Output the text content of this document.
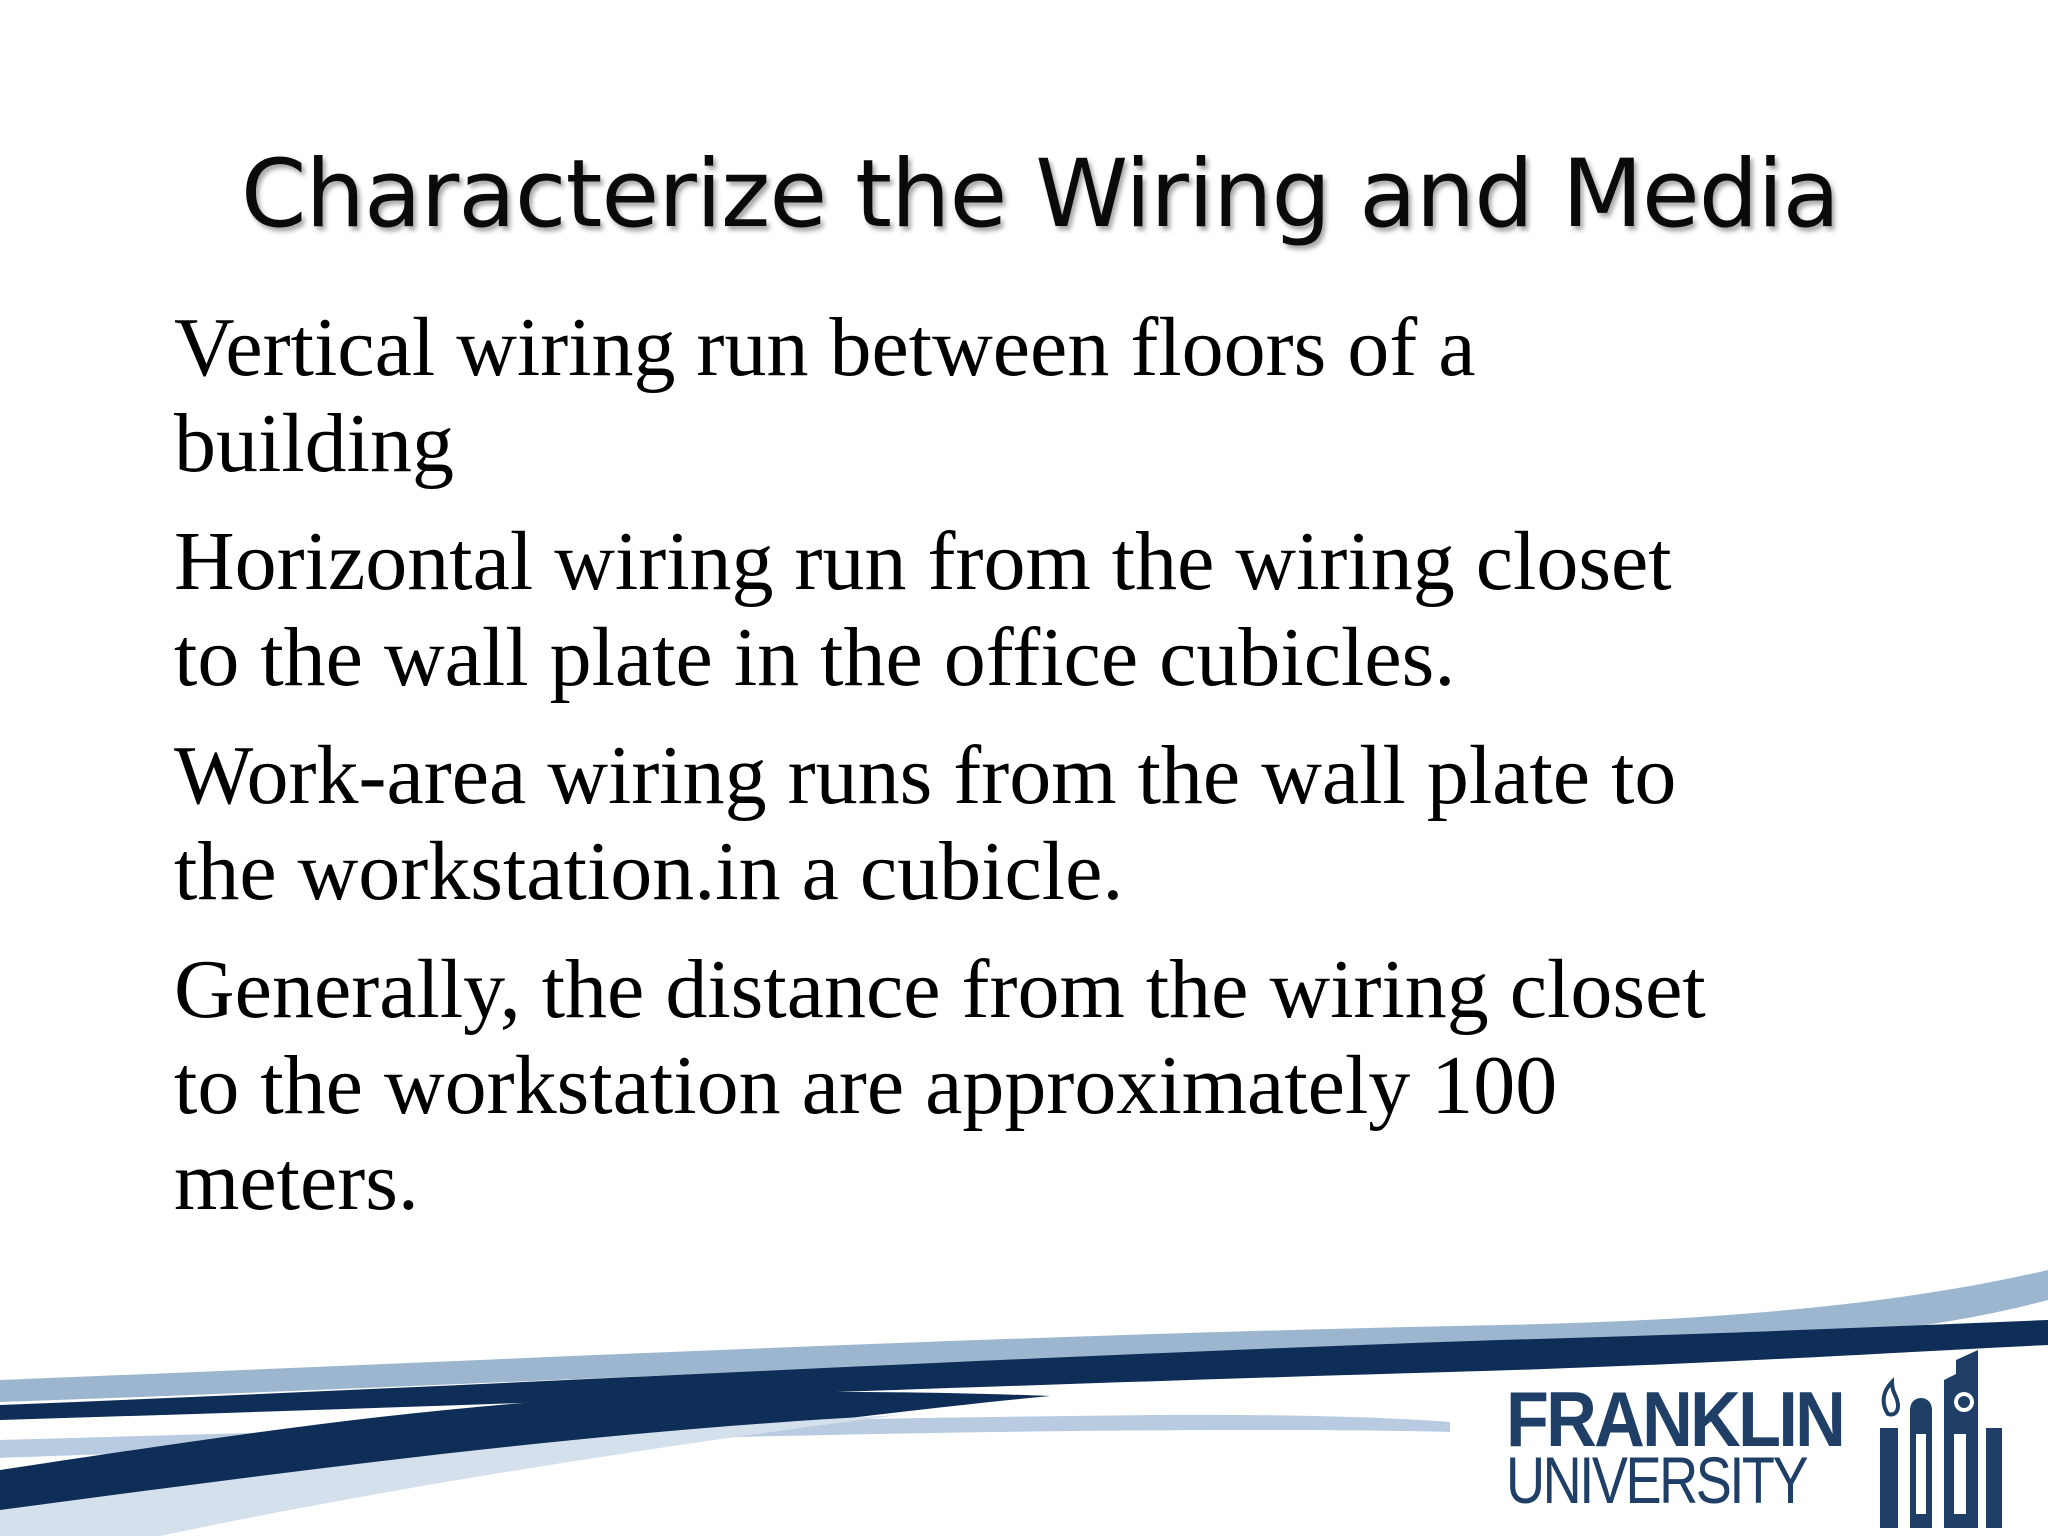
Characterize the Wiring and Media

Vertical wiring run between floors of a
building

Horizontal wiring run from the wiring closet
to the wall plate in the office cubicles.

Work-area wiring runs from the wall plate to
the workstation.in a cubicle.

Generally, the distance from the wiring closet
to the workstation are approximately 100
meters.

FRANKLIN
UNIVERSITY
